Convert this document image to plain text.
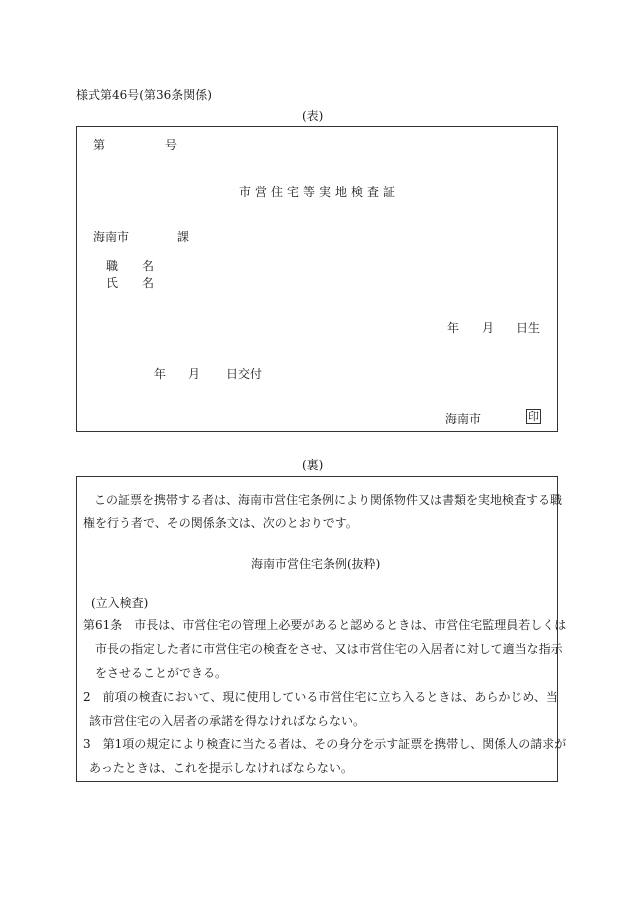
様式第46号(第36条関係)
(表)
第	号
市営住宅等実地検査証
海南市	課
職　　名
氏　　名
年 月 日生
年 月 日交付
海南市	印
(裏)
この証票を携帯する者は、海南市営住宅条例により関係物件又は書類を実地検査する職
権を行う者で、その関係条文は、次のとおりです。
海南市営住宅条例(抜粋)
(立入検査)
第61条　市長は、市営住宅の管理上必要があると認めるときは、市営住宅監理員若しくは
市長の指定した者に市営住宅の検査をさせ、又は市営住宅の入居者に対して適当な指示
をさせることができる。
2　前項の検査において、現に使用している市営住宅に立ち入るときは、あらかじめ、当
該市営住宅の入居者の承諾を得なければならない。
3　第1項の規定により検査に当たる者は、その身分を示す証票を携帯し、関係人の請求が
あったときは、これを提示しなければならない。
